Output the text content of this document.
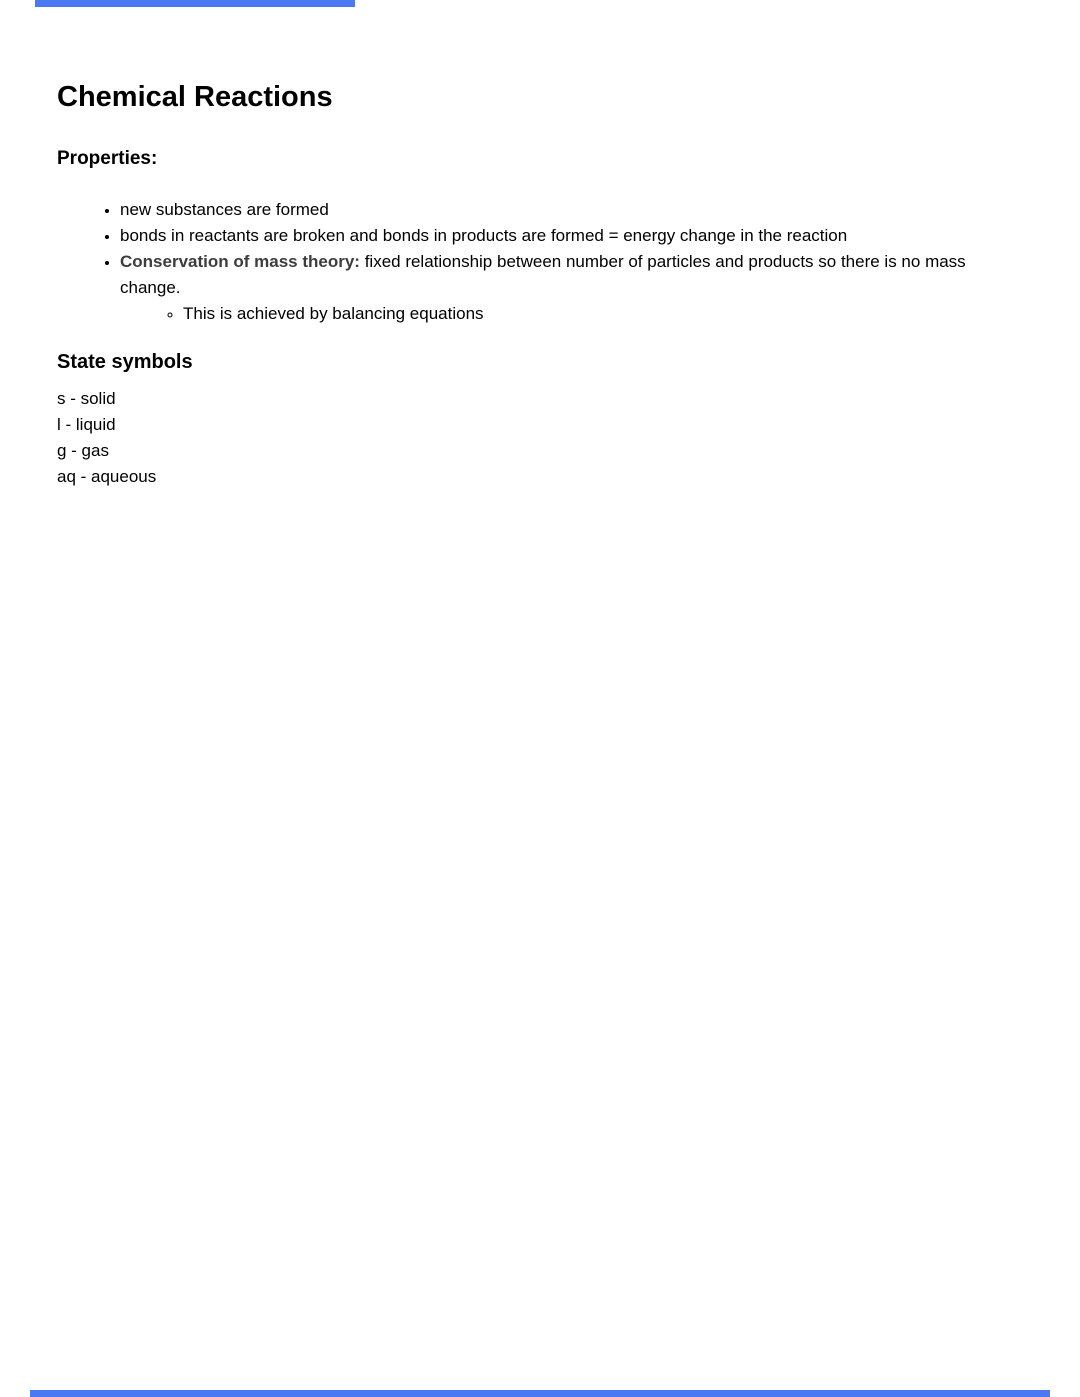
Chemical Reactions
Properties:
• new substances are formed
• bonds in reactants are broken and bonds in products are formed = energy change in the reaction
• Conservation of mass theory: fixed relationship between number of particles and products so there is no mass change.
◦ This is achieved by balancing equations
State symbols

s - solid
l - liquid
g - gas
aq - aqueous
